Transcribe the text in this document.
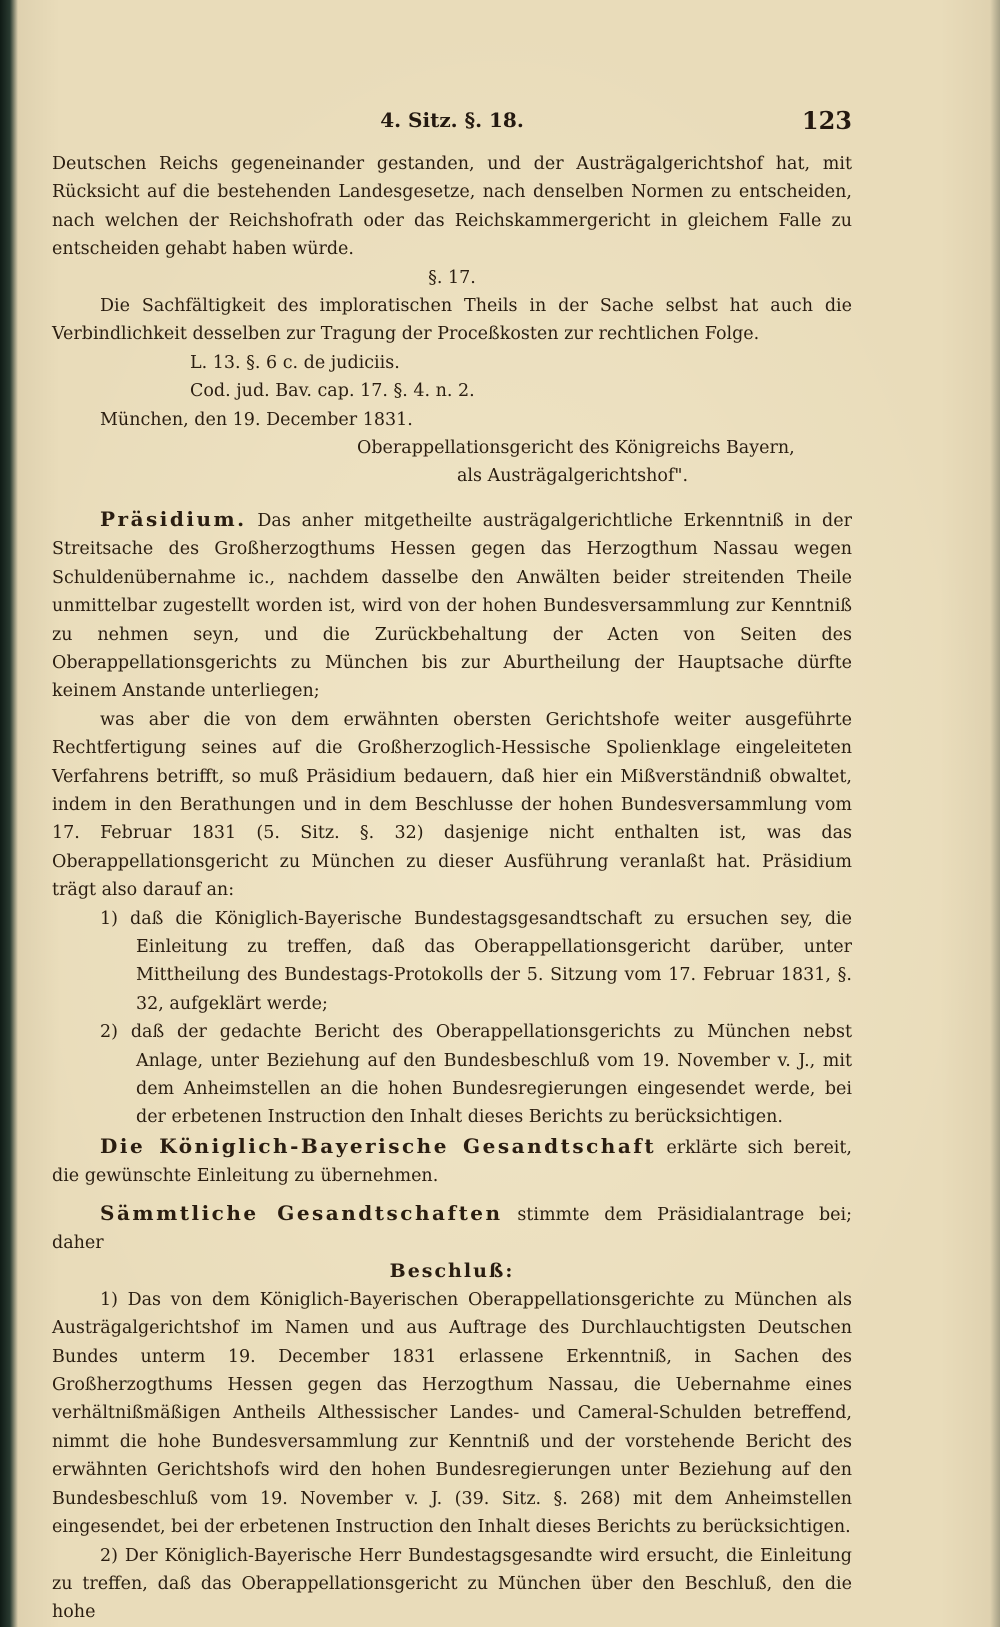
4. Sitz. §. 18.	123

Deutschen Reichs gegeneinander gestanden, und der Austrägalgerichtshof hat, mit Rücksicht auf die bestehenden Landesgesetze, nach denselben Normen zu entscheiden, nach welchen der Reichshofrath oder das Reichskammergericht in gleichem Falle zu entscheiden gehabt haben würde.

§. 17.

Die Sachfältigkeit des imploratischen Theils in der Sache selbst hat auch die Verbindlichkeit desselben zur Tragung der Proceßkosten zur rechtlichen Folge.

L. 13. §. 6 c. de judiciis.

Cod. jud. Bav. cap. 17. §. 4. n. 2.

München, den 19. December 1831.

Oberappellationsgericht des Königreichs Bayern,

als Austrägalgerichtshof".

Präsidium. Das anher mitgetheilte austrägalgerichtliche Erkenntniß in der Streitsache des Großherzogthums Hessen gegen das Herzogthum Nassau wegen Schuldenübernahme ic., nachdem dasselbe den Anwälten beider streitenden Theile unmittelbar zugestellt worden ist, wird von der hohen Bundesversammlung zur Kenntniß zu nehmen seyn, und die Zurückbehaltung der Acten von Seiten des Oberappellationsgerichts zu München bis zur Aburtheilung der Hauptsache dürfte keinem Anstande unterliegen;

was aber die von dem erwähnten obersten Gerichtshofe weiter ausgeführte Rechtfertigung seines auf die Großherzoglich-Hessische Spolienklage eingeleiteten Verfahrens betrifft, so muß Präsidium bedauern, daß hier ein Mißverständniß obwaltet, indem in den Berathungen und in dem Beschlusse der hohen Bundesversammlung vom 17. Februar 1831 (5. Sitz. §. 32) dasjenige nicht enthalten ist, was das Oberappellationsgericht zu München zu dieser Ausführung veranlaßt hat. Präsidium trägt also darauf an:

1) daß die Königlich-Bayerische Bundestagsgesandtschaft zu ersuchen sey, die Einleitung zu treffen, daß das Oberappellationsgericht darüber, unter Mittheilung des Bundestags-Protokolls der 5. Sitzung vom 17. Februar 1831, §. 32, aufgeklärt werde;

2) daß der gedachte Bericht des Oberappellationsgerichts zu München nebst Anlage, unter Beziehung auf den Bundesbeschluß vom 19. November v. J., mit dem Anheimstellen an die hohen Bundesregierungen eingesendet werde, bei der erbetenen Instruction den Inhalt dieses Berichts zu berücksichtigen.

Die Königlich-Bayerische Gesandtschaft erklärte sich bereit, die gewünschte Einleitung zu übernehmen.

Sämmtliche Gesandtschaften stimmte dem Präsidialantrage bei; daher

Beschluß:

1) Das von dem Königlich-Bayerischen Oberappellationsgerichte zu München als Austrägalgerichtshof im Namen und aus Auftrage des Durchlauchtigsten Deutschen Bundes unterm 19. December 1831 erlassene Erkenntniß, in Sachen des Großherzogthums Hessen gegen das Herzogthum Nassau, die Uebernahme eines verhältnißmäßigen Antheils Althessischer Landes- und Cameral-Schulden betreffend, nimmt die hohe Bundesversammlung zur Kenntniß und der vorstehende Bericht des erwähnten Gerichtshofs wird den hohen Bundesregierungen unter Beziehung auf den Bundesbeschluß vom 19. November v. J. (39. Sitz. §. 268) mit dem Anheimstellen eingesendet, bei der erbetenen Instruction den Inhalt dieses Berichts zu berücksichtigen.

2) Der Königlich-Bayerische Herr Bundestagsgesandte wird ersucht, die Einleitung zu treffen, daß das Oberappellationsgericht zu München über den Beschluß, den die hohe
